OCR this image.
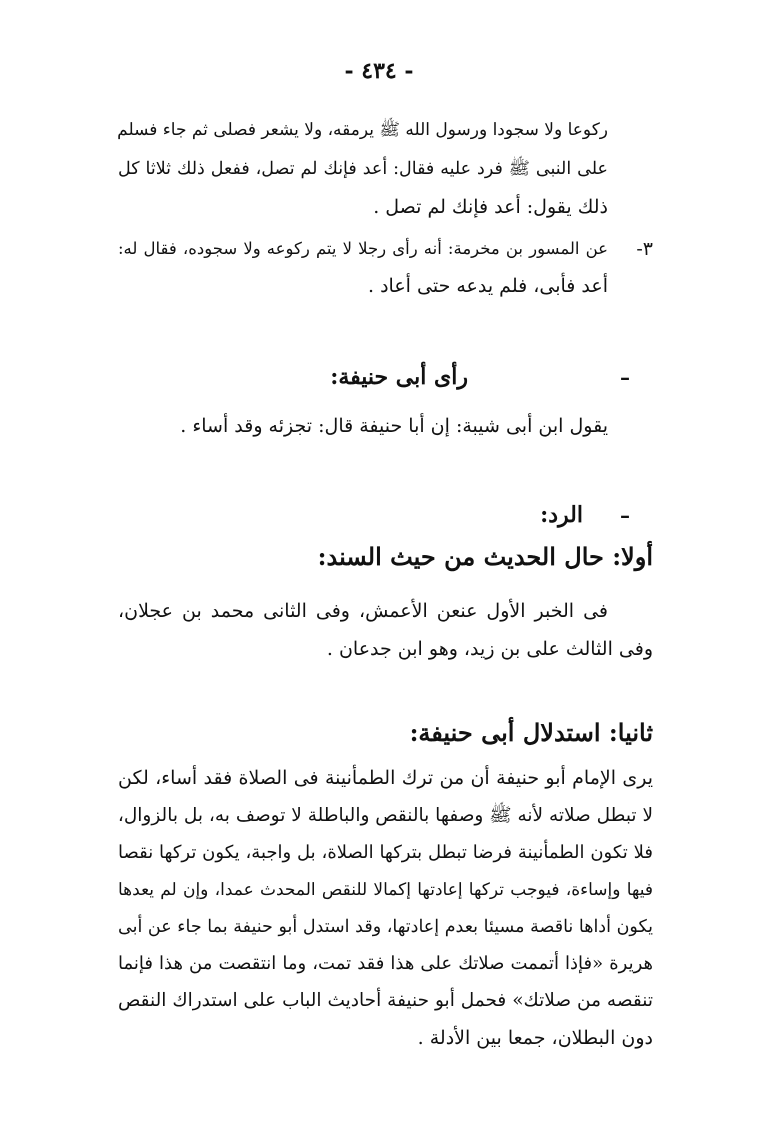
- ٤٣٤ -
ركوعا ولا سجودا ورسول الله ﷺ يرمقه، ولا يشعر فصلى ثم جاء فسلم
على النبى ﷺ فرد عليه فقال: أعد فإنك لم تصل، ففعل ذلك ثلاثا كل
ذلك يقول: أعد فإنك لم تصل .
٣-
عن المسور بن مخرمة: أنه رأى رجلا لا يتم ركوعه ولا سجوده، فقال له:
أعد فأبى، فلم يدعه حتى أعاد .
–
رأى أبى حنيفة:
يقول ابن أبى شيبة: إن أبا حنيفة قال: تجزئه وقد أساء .
–
الرد:
أولا: حال الحديث من حيث السند:
فى الخبر الأول عنعن الأعمش، وفى الثانى محمد بن عجلان،
وفى الثالث على بن زيد، وهو ابن جدعان .
ثانيا: استدلال أبى حنيفة:
يرى الإمام أبو حنيفة أن من ترك الطمأنينة فى الصلاة فقد أساء، لكن
لا تبطل صلاته لأنه ﷺ وصفها بالنقص والباطلة لا توصف به، بل بالزوال،
فلا تكون الطمأنينة فرضا تبطل بتركها الصلاة، بل واجبة، يكون تركها نقصا
فيها وإساءة، فيوجب تركها إعادتها إكمالا للنقص المحدث عمدا، وإن لم يعدها
يكون أداها ناقصة مسيئا بعدم إعادتها، وقد استدل أبو حنيفة بما جاء عن أبى
هريرة «فإذا أتممت صلاتك على هذا فقد تمت، وما انتقصت من هذا فإنما
تنقصه من صلاتك» فحمل أبو حنيفة أحاديث الباب على استدراك النقص
دون البطلان، جمعا بين الأدلة .
